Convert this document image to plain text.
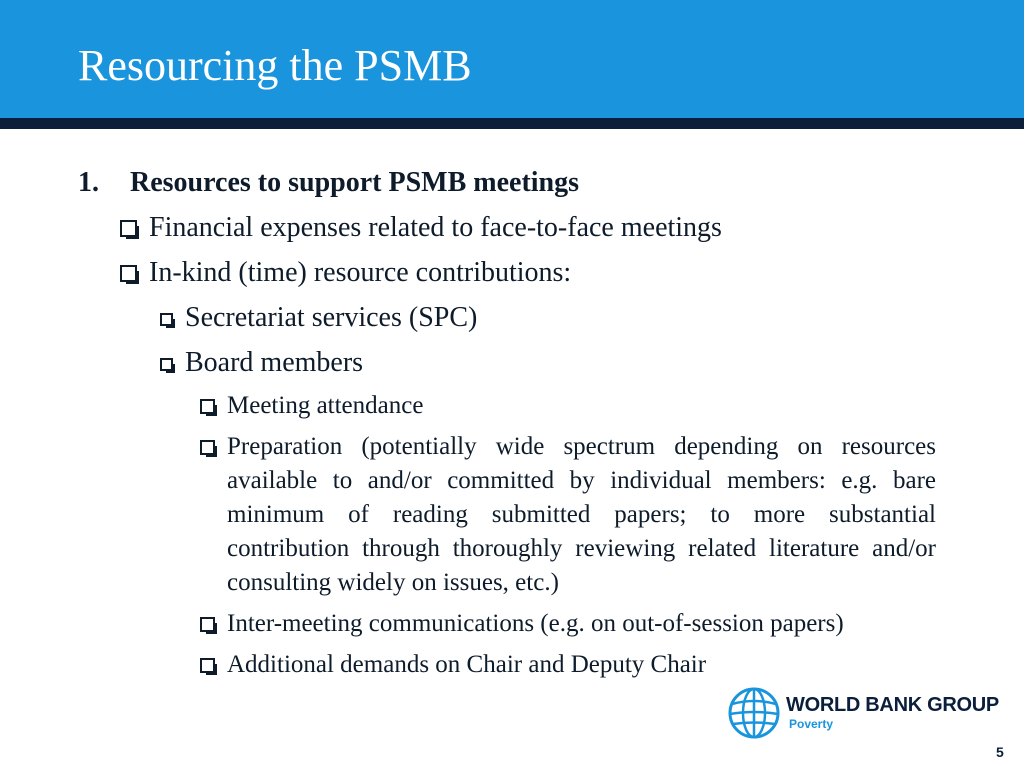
Resourcing the PSMB
1.	Resources to support PSMB meetings
Financial expenses related to face-to-face meetings
In-kind (time) resource contributions:
Secretariat services (SPC)
Board members
Meeting attendance
Preparation (potentially wide spectrum depending on resources available to and/or committed by individual members: e.g. bare minimum of reading submitted papers; to more substantial contribution through thoroughly reviewing related literature and/or consulting widely on issues, etc.)
Inter-meeting communications (e.g. on out-of-session papers)
Additional demands on Chair and Deputy Chair
WORLD BANK GROUP
Poverty
5
